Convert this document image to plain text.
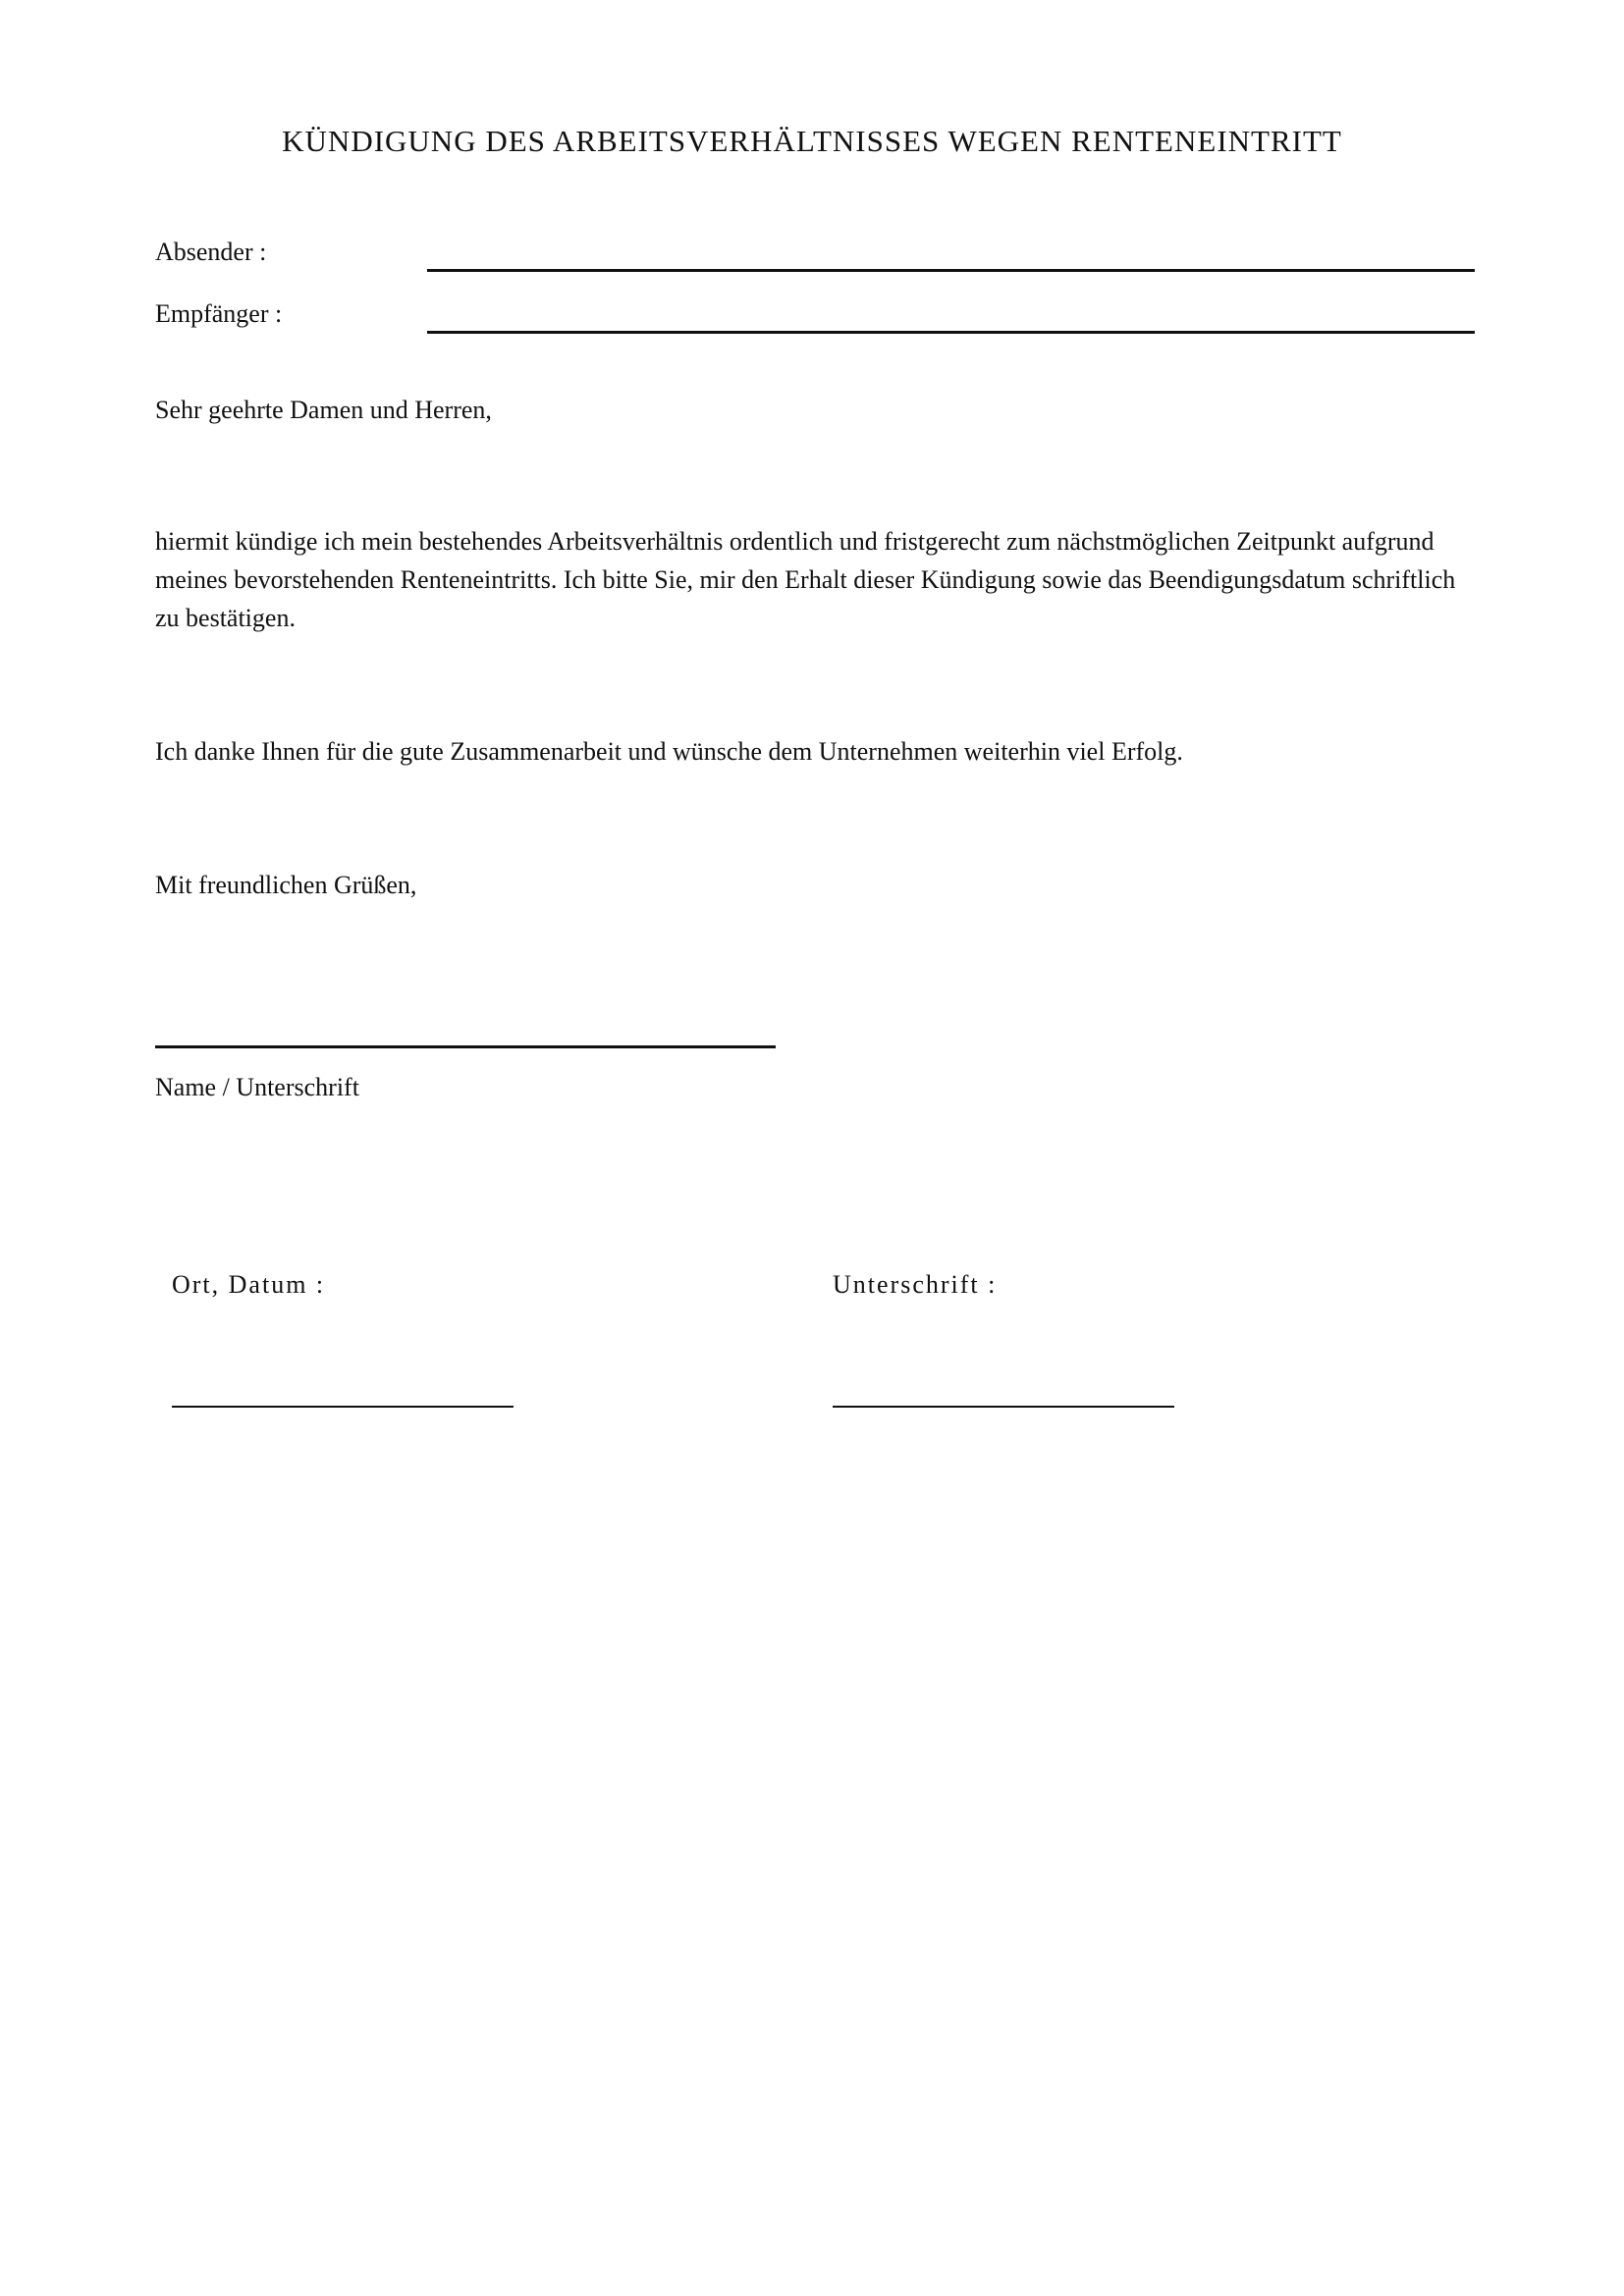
KÜNDIGUNG DES ARBEITSVERHÄLTNISSES WEGEN RENTENEINTRITT
Absender :
Empfänger :
Sehr geehrte Damen und Herren,
hiermit kündige ich mein bestehendes Arbeitsverhältnis ordentlich und fristgerecht zum nächstmöglichen Zeitpunkt aufgrund meines bevorstehenden Renteneintritts. Ich bitte Sie, mir den Erhalt dieser Kündigung sowie das Beendigungsdatum schriftlich zu bestätigen.
Ich danke Ihnen für die gute Zusammenarbeit und wünsche dem Unternehmen weiterhin viel Erfolg.
Mit freundlichen Grüßen,
Name / Unterschrift
Ort, Datum :	Unterschrift :
